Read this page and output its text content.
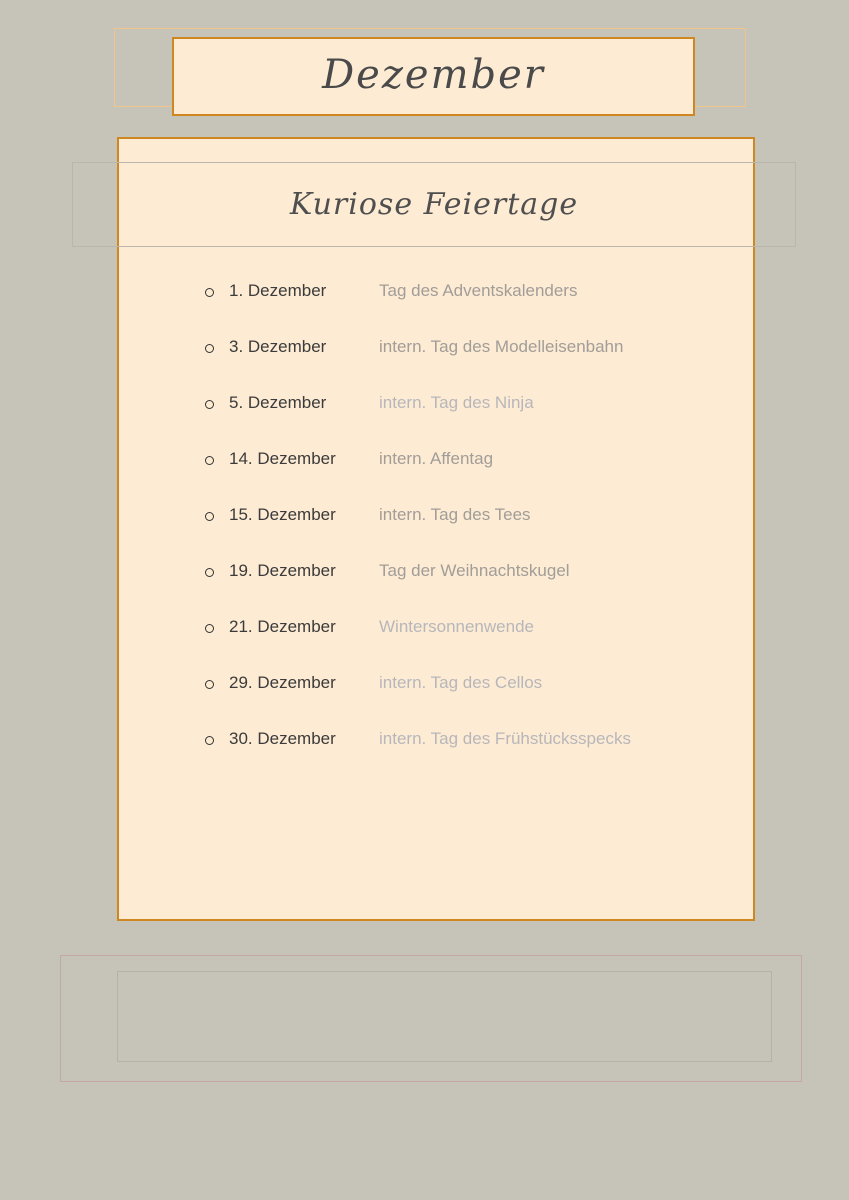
Dezember
Kuriose Feiertage
1. Dezember	Tag des Adventskalenders
3. Dezember	intern. Tag des Modelleisenbahn
5. Dezember	intern. Tag des Ninja
14. Dezember	intern. Affentag
15. Dezember	intern. Tag des Tees
19. Dezember	Tag der Weihnachtskugel
21. Dezember	Wintersonnenwende
29. Dezember	intern. Tag des Cellos
30. Dezember	intern. Tag des Frühstücksspecks
